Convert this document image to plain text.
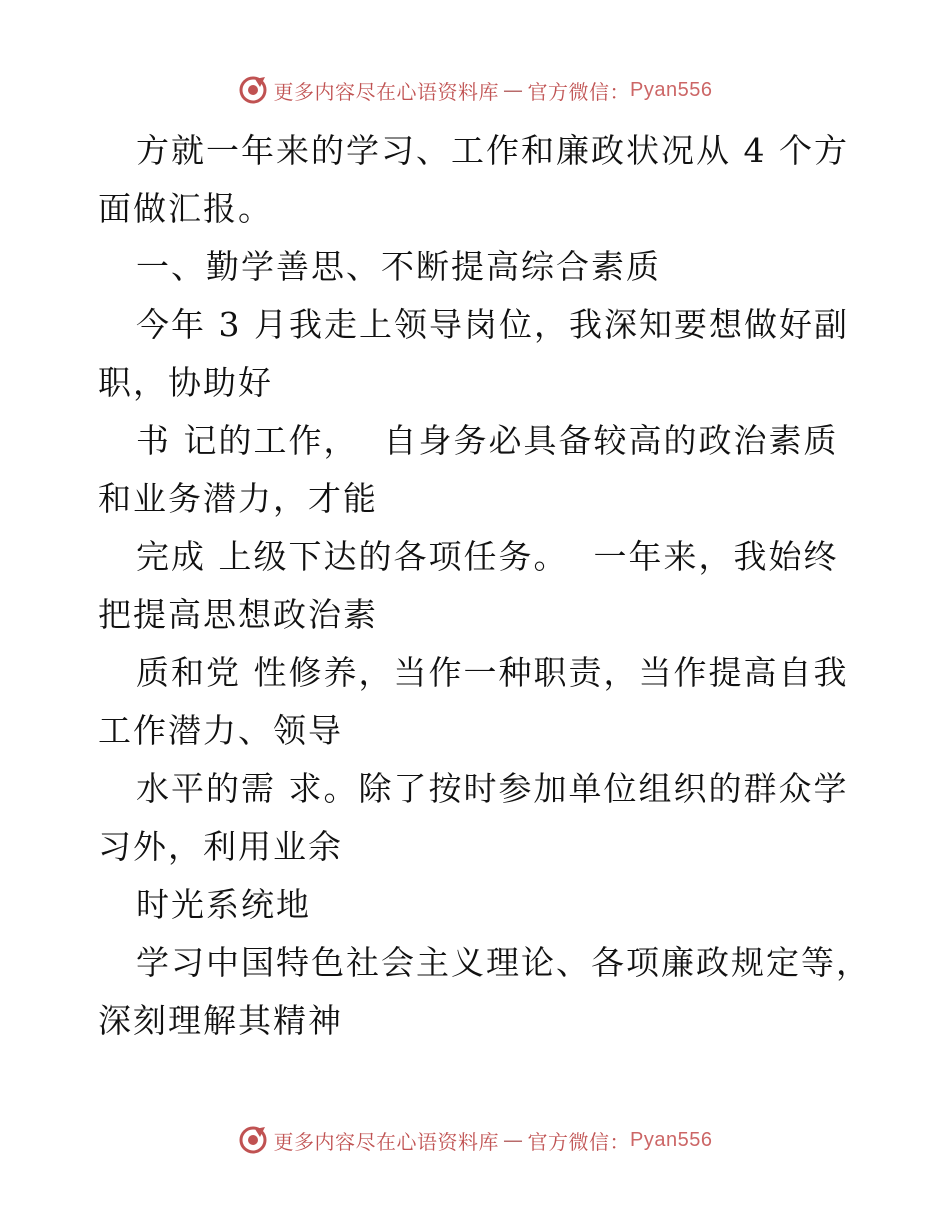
更多内容尽在心语资料库 — 官方微信： Pyan556
方就一年来的学习、工作和廉政状况从 4 个方
面做汇报。
一、勤学善思、不断提高综合素质
今年 3 月我走上领导岗位，我深知要想做好副
职，协助好
书 记的工作，  自身务必具备较高的政治素质
和业务潜力，才能
完成 上级下达的各项任务。  一年来，我始终
把提高思想政治素
质和党 性修养，当作一种职责，当作提高自我
工作潜力、领导
水平的需 求。除了按时参加单位组织的群众学
习外，利用业余
时光系统地
学习中国特色社会主义理论、各项廉政规定等，
深刻理解其精神
更多内容尽在心语资料库 — 官方微信： Pyan556
